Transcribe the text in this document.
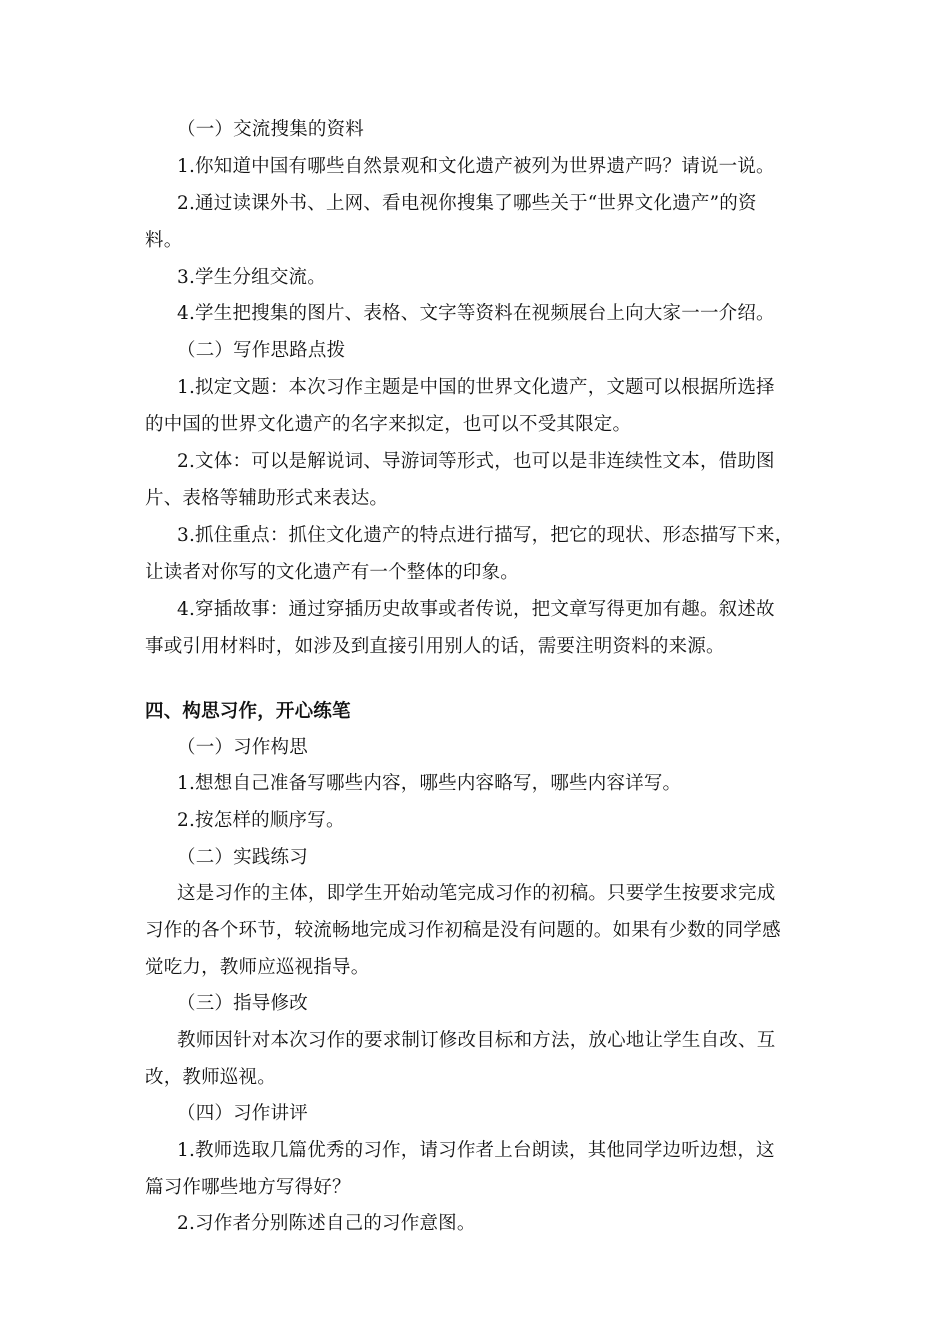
（一）交流搜集的资料
1.你知道中国有哪些自然景观和文化遗产被列为世界遗产吗？请说一说。
2.通过读课外书、上网、看电视你搜集了哪些关于“世界文化遗产”的资
料。
3.学生分组交流。
4.学生把搜集的图片、表格、文字等资料在视频展台上向大家一一介绍。
（二）写作思路点拨
1.拟定文题：本次习作主题是中国的世界文化遗产，文题可以根据所选择
的中国的世界文化遗产的名字来拟定，也可以不受其限定。
2.文体：可以是解说词、导游词等形式，也可以是非连续性文本，借助图
片、表格等辅助形式来表达。
3.抓住重点：抓住文化遗产的特点进行描写，把它的现状、形态描写下来，
让读者对你写的文化遗产有一个整体的印象。
4.穿插故事：通过穿插历史故事或者传说，把文章写得更加有趣。叙述故
事或引用材料时，如涉及到直接引用别人的话，需要注明资料的来源。
四、构思习作，开心练笔
（一）习作构思
1.想想自己准备写哪些内容，哪些内容略写，哪些内容详写。
2.按怎样的顺序写。
（二）实践练习
这是习作的主体，即学生开始动笔完成习作的初稿。只要学生按要求完成
习作的各个环节，较流畅地完成习作初稿是没有问题的。如果有少数的同学感
觉吃力，教师应巡视指导。
（三）指导修改
教师因针对本次习作的要求制订修改目标和方法，放心地让学生自改、互
改，教师巡视。
（四）习作讲评
1.教师选取几篇优秀的习作，请习作者上台朗读，其他同学边听边想，这
篇习作哪些地方写得好？
2.习作者分别陈述自己的习作意图。
